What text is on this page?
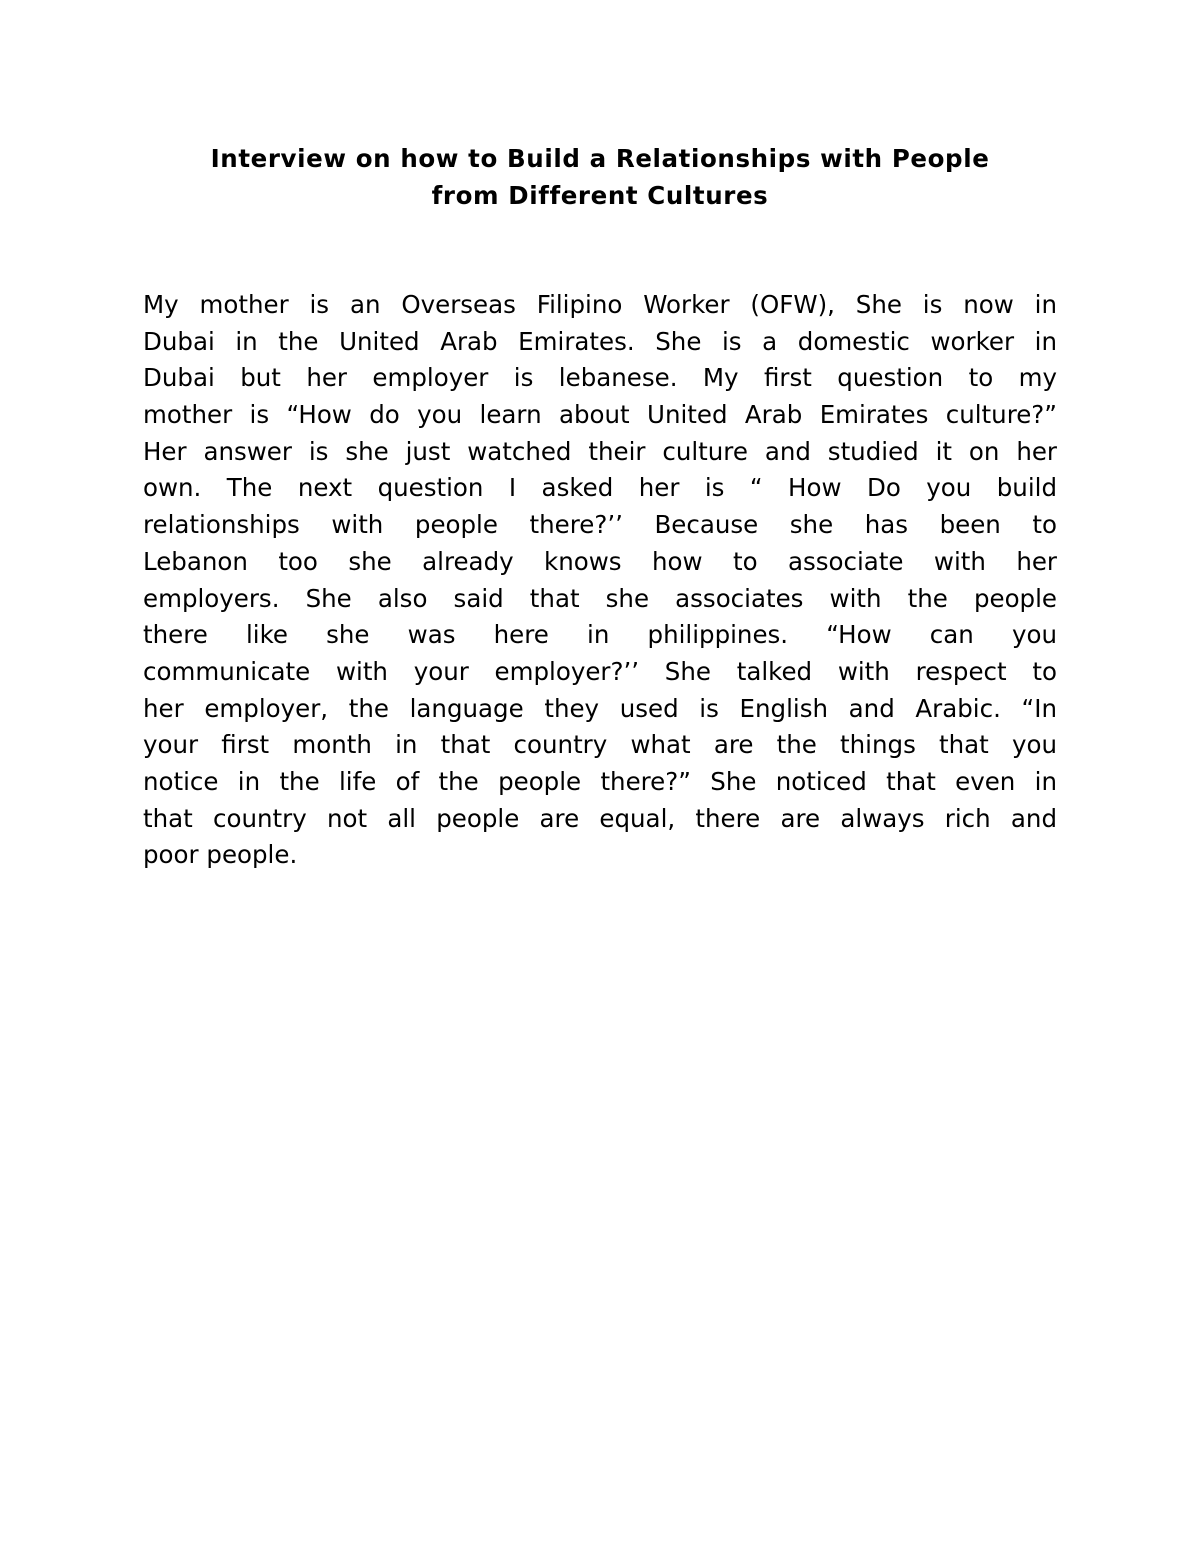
Interview on how to Build a Relationships with People
from Different Cultures
My mother is an Overseas Filipino Worker (OFW), She is now in
Dubai in the United Arab Emirates. She is a domestic worker in
Dubai but her employer is lebanese. My first question to my
mother is “How do you learn about United Arab Emirates culture?”
Her answer is she just watched their culture and studied it on her
own. The next question I asked her is “ How Do you build
relationships with people there?’’ Because she has been to
Lebanon too she already knows how to associate with her
employers. She also said that she associates with the people
there like she was here in philippines. “How can you
communicate with your employer?’’ She talked with respect to
her employer, the language they used is English and Arabic. “In
your first month in that country what are the things that you
notice in the life of the people there?” She noticed that even in
that country not all people are equal, there are always rich and
poor people.
